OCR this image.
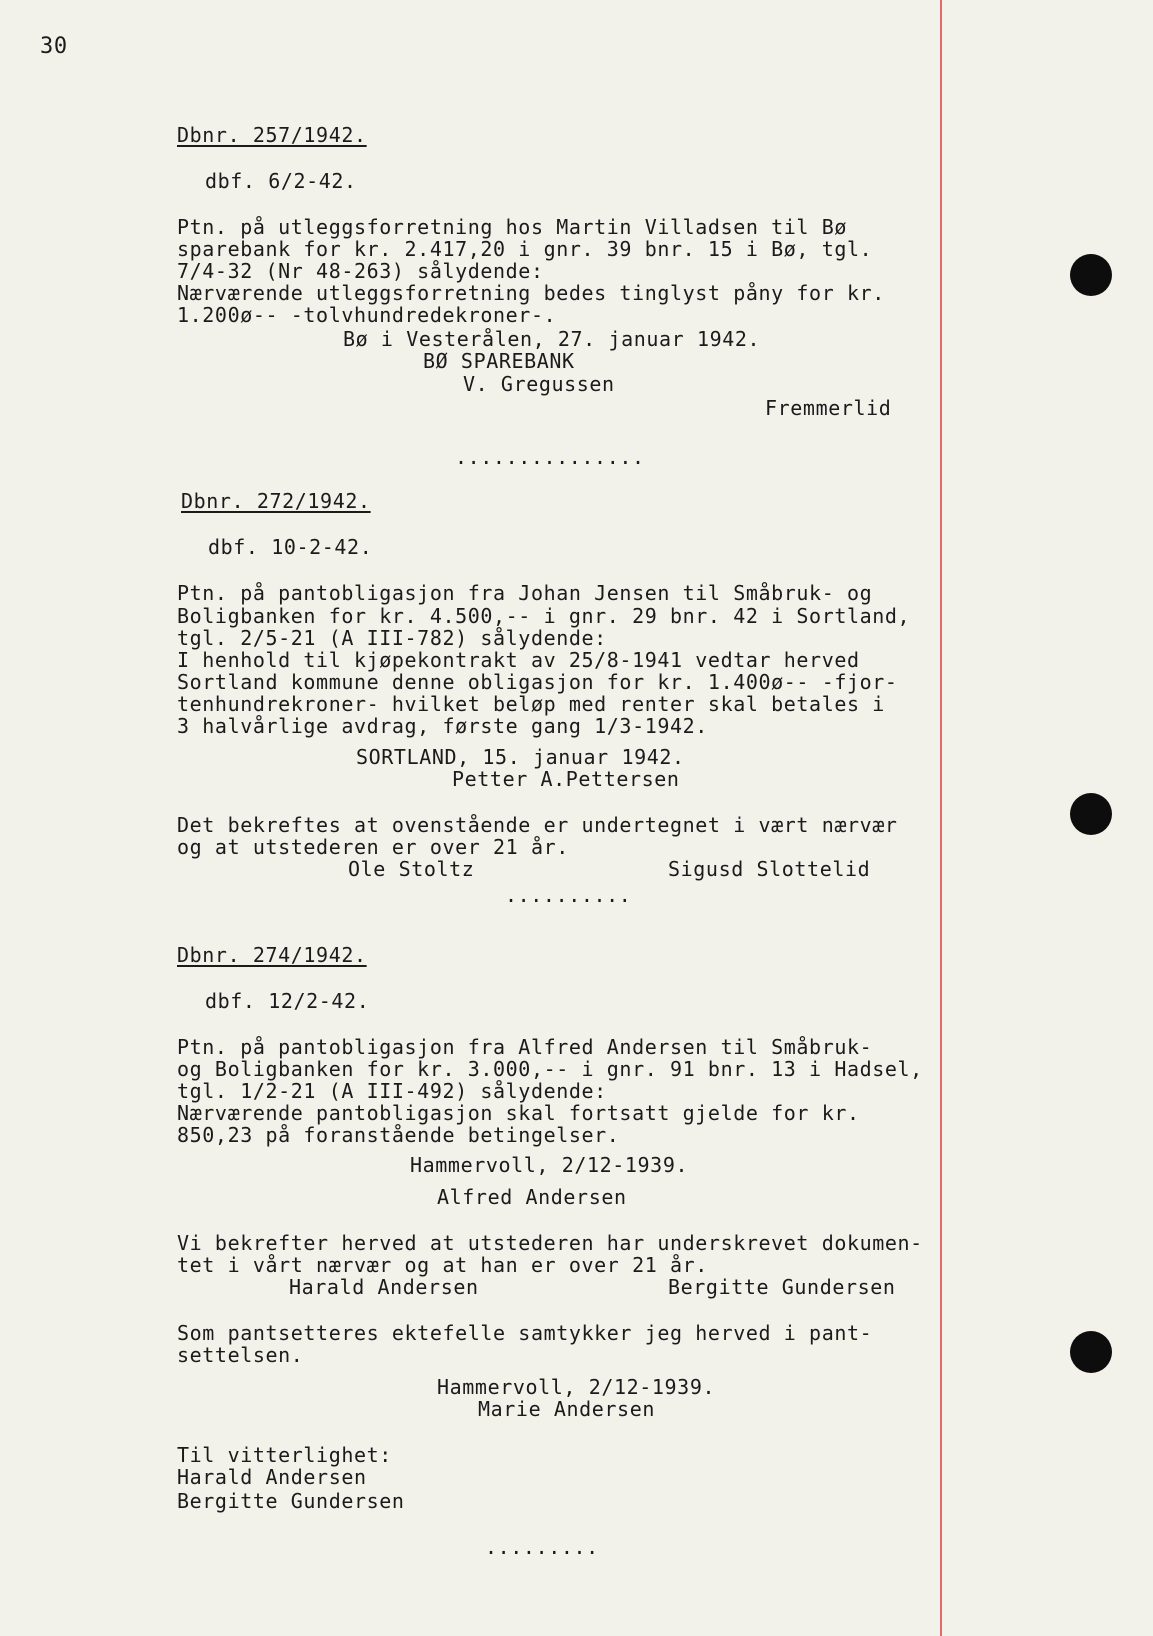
30
Dbnr. 257/1942.
dbf. 6/2-42.
Ptn. på utleggsforretning hos Martin Villadsen til Bø
sparebank for kr. 2.417,20 i gnr. 39 bnr. 15 i Bø, tgl.
7/4-32 (Nr 48-263) sålydende:
Nærværende utleggsforretning bedes tinglyst påny for kr.
1.200ø-- -tolvhundredekroner-.
Bø i Vesterålen, 27. januar 1942.
BØ SPAREBANK
V. Gregussen
Fremmerlid
...............
Dbnr. 272/1942.
dbf. 10-2-42.
Ptn. på pantobligasjon fra Johan Jensen til Småbruk- og
Boligbanken for kr. 4.500,-- i gnr. 29 bnr. 42 i Sortland,
tgl. 2/5-21 (A III-782) sålydende:
I henhold til kjøpekontrakt av 25/8-1941 vedtar herved
Sortland kommune denne obligasjon for kr. 1.400ø-- -fjor-
tenhundrekroner- hvilket beløp med renter skal betales i
3 halvårlige avdrag, første gang 1/3-1942.
SORTLAND, 15. januar 1942.
Petter A.Pettersen
Det bekreftes at ovenstående er undertegnet i vært nærvær
og at utstederen er over 21 år.
Ole Stoltz	Sigusd Slottelid
..........
Dbnr. 274/1942.
dbf. 12/2-42.
Ptn. på pantobligasjon fra Alfred Andersen til Småbruk-
og Boligbanken for kr. 3.000,-- i gnr. 91 bnr. 13 i Hadsel,
tgl. 1/2-21 (A III-492) sålydende:
Nærværende pantobligasjon skal fortsatt gjelde for kr.
850,23 på foranstående betingelser.
Hammervoll, 2/12-1939.
Alfred Andersen
Vi bekrefter herved at utstederen har underskrevet dokumen-
tet i vårt nærvær og at han er over 21 år.
Harald Andersen	Bergitte Gundersen
Som pantsetteres ektefelle samtykker jeg herved i pant-
settelsen.
Hammervoll, 2/12-1939.
Marie Andersen
Til vitterlighet:
Harald Andersen
Bergitte Gundersen
.........
